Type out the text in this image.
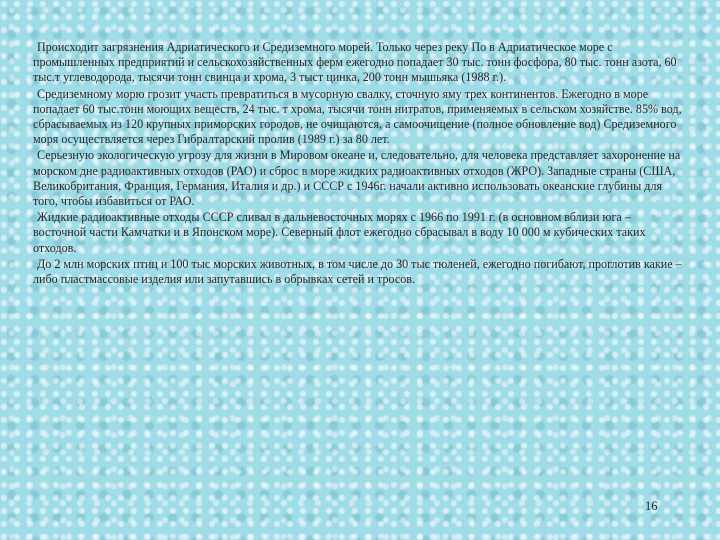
Происходит загрязнения Адриатического и Средиземного морей. Только через реку По в Адриатическое море с промышленных предприятий и сельскохозяйственных ферм ежегодно попадает 30 тыс. тонн фосфора, 80 тыс. тонн азота, 60 тыс.т углеводорода, тысячи тонн свинца и хрома, 3 тыст цинка, 200 тонн мышьяка (1988 г.).

Средиземному морю грозит участь превратиться в мусорную свалку, сточную яму трех континентов. Ежегодно в море попадает 60 тыс.тонн моющих веществ, 24 тыс. т хрома, тысячи тонн нитратов, применяемых в сельском хозяйстве. 85% вод, сбрасываемых из 120 крупных приморских городов, не очищаются, а самоочищение (полное обновление вод) Средиземного моря осуществляется через Гибралтарский пролив (1989 г.) за 80 лет.

Серьезную экологическую угрозу для жизни в Мировом океане и, следовательно, для человека представляет захоронение на морском дне радиоактивных отходов (РАО) и сброс в море жидких радиоактивных отходов (ЖРО). Западные страны (США, Великобритания, Франция, Германия, Италия и др.) и СССР с 1946г. начали активно использовать океанские глубины для того, чтобы избавиться от РАО.

Жидкие радиоактивные отходы СССР сливал в дальневосточных морях с 1966 по 1991 г. (в основном вблизи юга – восточной части Камчатки и в Японском море). Северный флот ежегодно сбрасывал в воду 10 000 м кубических таких отходов.

До 2 млн морских птиц и 100 тыс морских животных, в том числе до 30 тыс тюленей, ежегодно погибают, проглотив какие – либо пластмассовые изделия или запутавшись в обрывках сетей и тросов.

16
